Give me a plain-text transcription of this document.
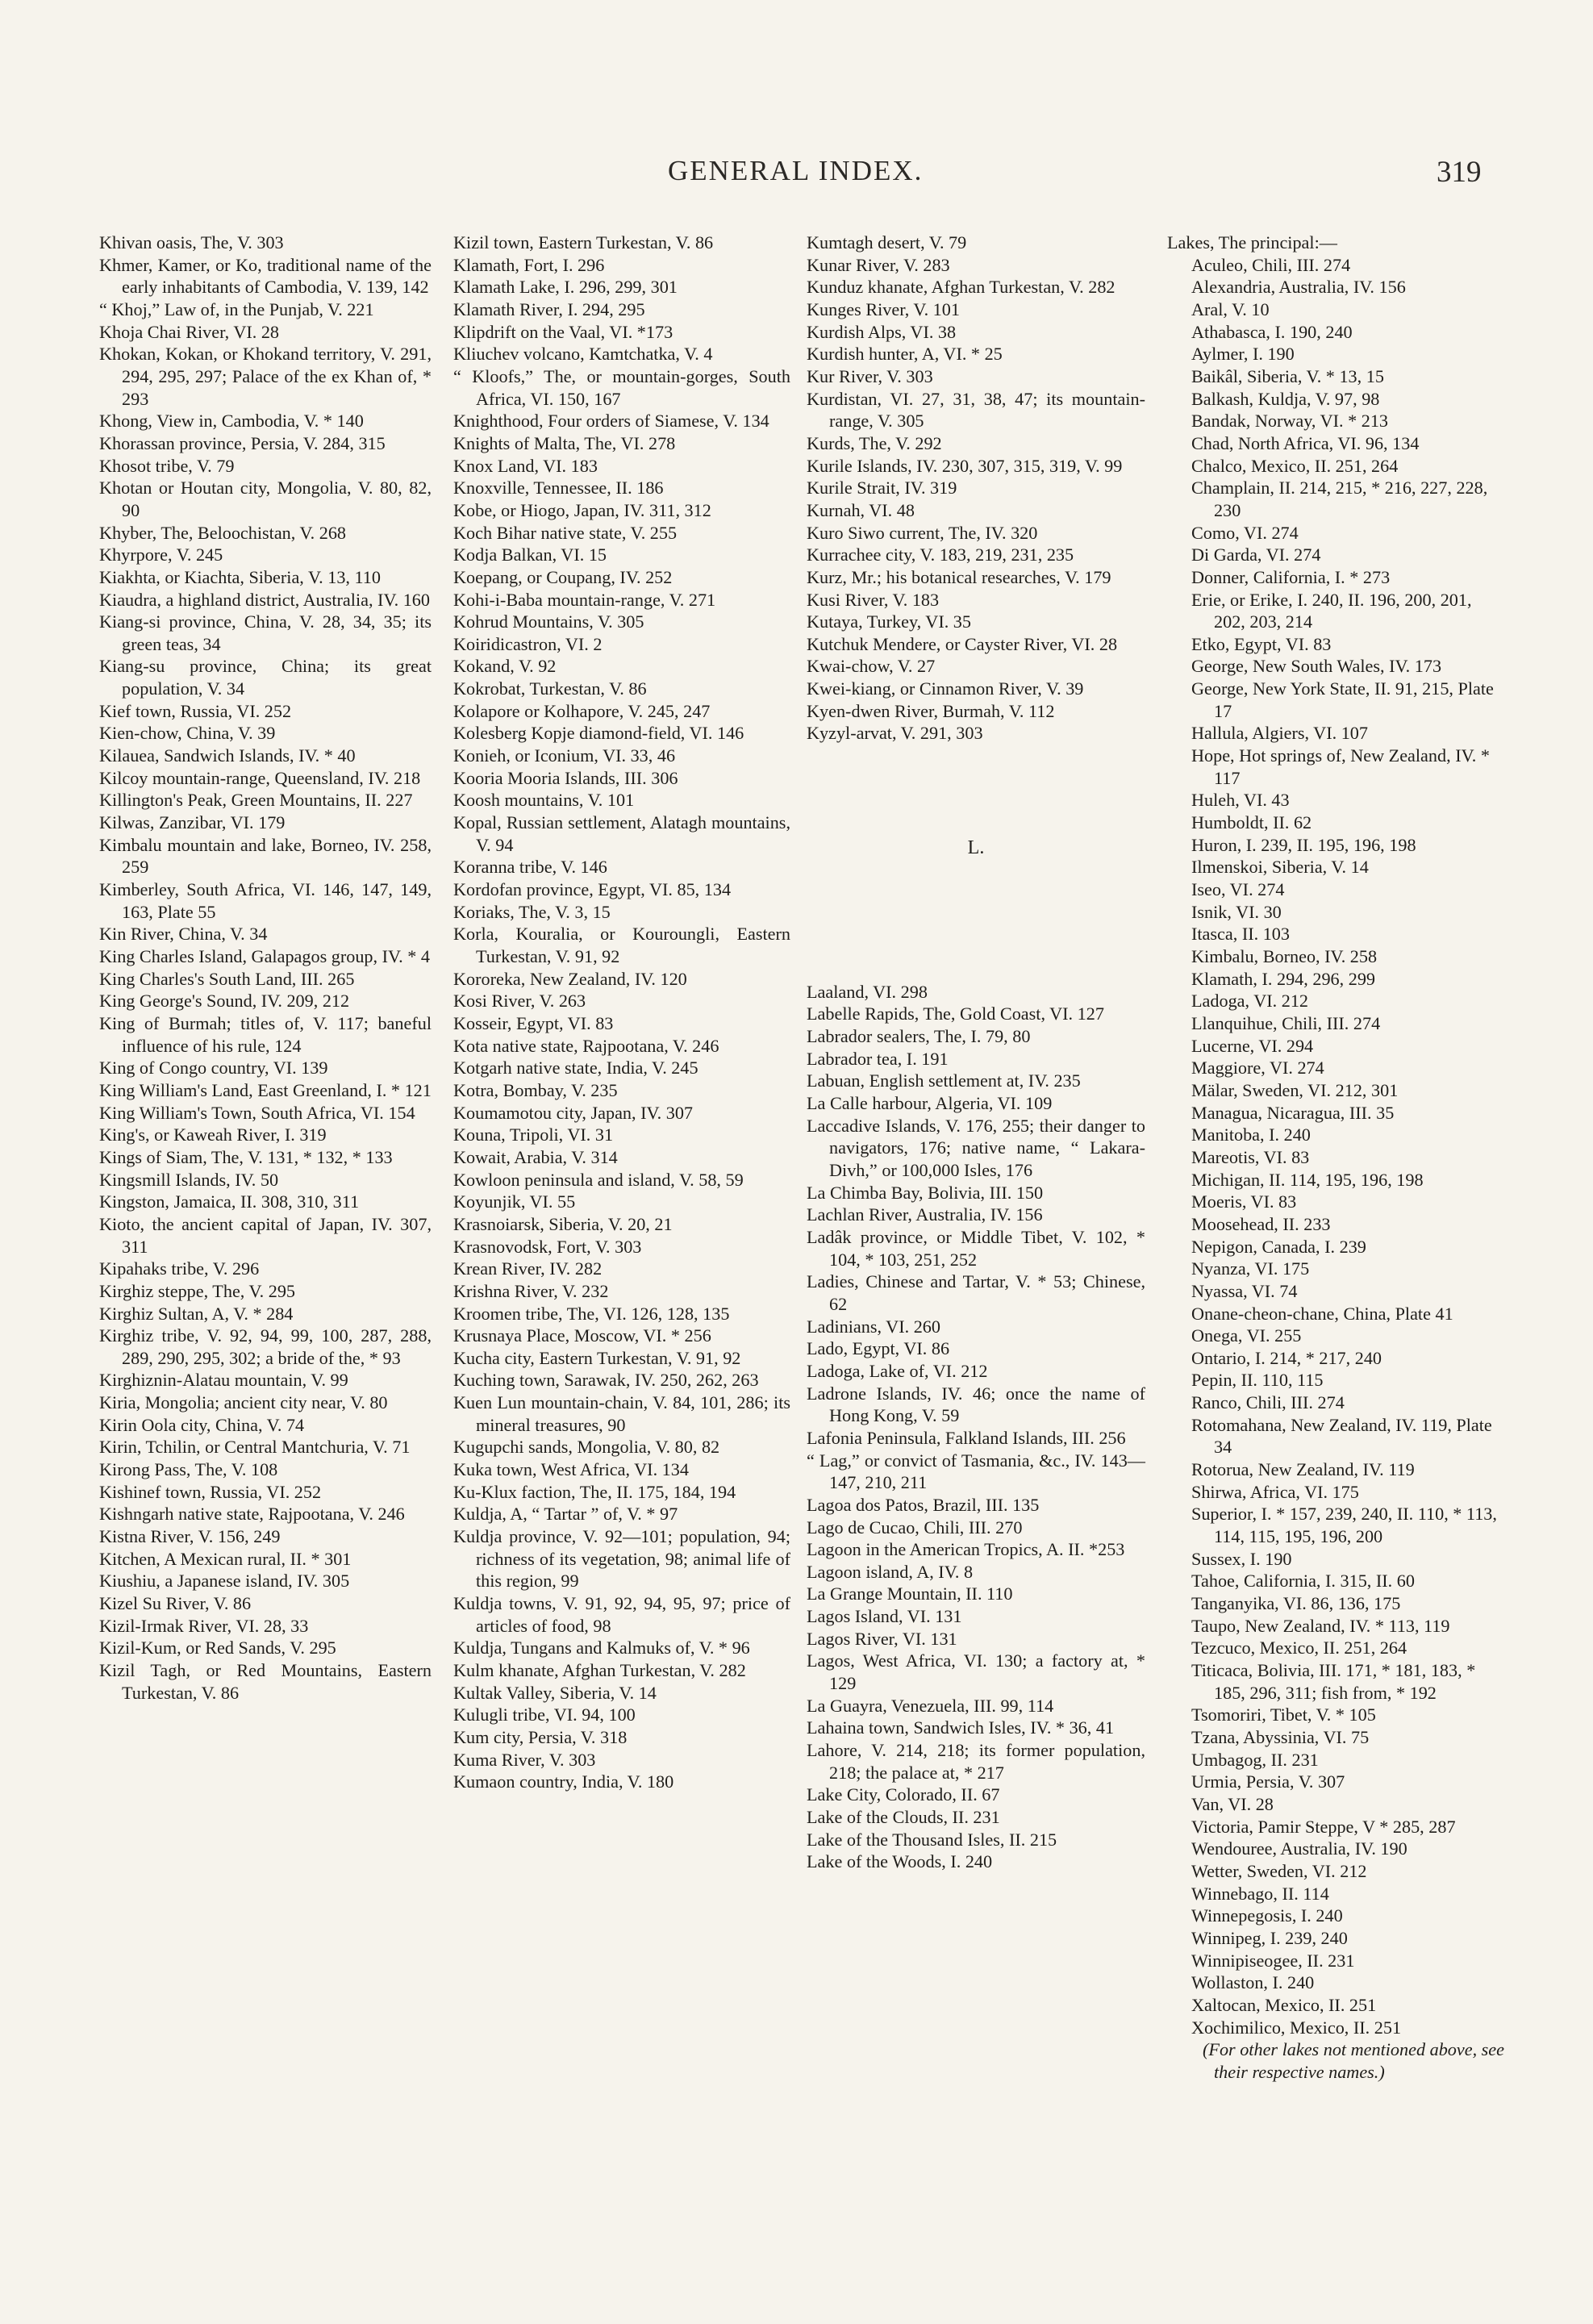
GENERAL INDEX.	319

Khivan oasis, The, V. 303

Khmer, Kamer, or Ko, traditional name of the early inhabitants of Cambodia, V. 139, 142

“ Khoj,” Law of, in the Punjab, V. 221

Khoja Chai River, VI. 28

Khokan, Kokan, or Khokand territory, V. 291, 294, 295, 297; Palace of the ex Khan of, * 293

Khong, View in, Cambodia, V. * 140

Khorassan province, Persia, V. 284, 315

Khosot tribe, V. 79

Khotan or Houtan city, Mongolia, V. 80, 82, 90

Khyber, The, Beloochistan, V. 268

Khyrpore, V. 245

Kiakhta, or Kiachta, Siberia, V. 13, 110

Kiaudra, a highland district, Australia, IV. 160

Kiang-si province, China, V. 28, 34, 35; its green teas, 34

Kiang-su province, China; its great population, V. 34

Kief town, Russia, VI. 252

Kien-chow, China, V. 39

Kilauea, Sandwich Islands, IV. * 40

Kilcoy mountain-range, Queensland, IV. 218

Killington's Peak, Green Mountains, II. 227

Kilwas, Zanzibar, VI. 179

Kimbalu mountain and lake, Borneo, IV. 258, 259

Kimberley, South Africa, VI. 146, 147, 149, 163, Plate 55

Kin River, China, V. 34

King Charles Island, Galapagos group, IV. * 4

King Charles's South Land, III. 265

King George's Sound, IV. 209, 212

King of Burmah; titles of, V. 117; baneful influence of his rule, 124

King of Congo country, VI. 139

King William's Land, East Greenland, I. * 121

King William's Town, South Africa, VI. 154

King's, or Kaweah River, I. 319

Kings of Siam, The, V. 131, * 132, * 133

Kingsmill Islands, IV. 50

Kingston, Jamaica, II. 308, 310, 311

Kioto, the ancient capital of Japan, IV. 307, 311

Kipahaks tribe, V. 296

Kirghiz steppe, The, V. 295

Kirghiz Sultan, A, V. * 284

Kirghiz tribe, V. 92, 94, 99, 100, 287, 288, 289, 290, 295, 302; a bride of the, * 93

Kirghiznin-Alatau mountain, V. 99

Kiria, Mongolia; ancient city near, V. 80

Kirin Oola city, China, V. 74

Kirin, Tchilin, or Central Mantchuria, V. 71

Kirong Pass, The, V. 108

Kishinef town, Russia, VI. 252

Kishngarh native state, Rajpootana, V. 246

Kistna River, V. 156, 249

Kitchen, A Mexican rural, II. * 301

Kiushiu, a Japanese island, IV. 305

Kizel Su River, V. 86

Kizil-Irmak River, VI. 28, 33

Kizil-Kum, or Red Sands, V. 295

Kizil Tagh, or Red Mountains, Eastern Turkestan, V. 86

Kizil town, Eastern Turkestan, V. 86

Klamath, Fort, I. 296

Klamath Lake, I. 296, 299, 301

Klamath River, I. 294, 295

Klipdrift on the Vaal, VI. *173

Kliuchev volcano, Kamtchatka, V. 4

“ Kloofs,” The, or mountain-gorges, South Africa, VI. 150, 167

Knighthood, Four orders of Siamese, V. 134

Knights of Malta, The, VI. 278

Knox Land, VI. 183

Knoxville, Tennessee, II. 186

Kobe, or Hiogo, Japan, IV. 311, 312

Koch Bihar native state, V. 255

Kodja Balkan, VI. 15

Koepang, or Coupang, IV. 252

Kohi-i-Baba mountain-range, V. 271

Kohrud Mountains, V. 305

Koiridicastron, VI. 2

Kokand, V. 92

Kokrobat, Turkestan, V. 86

Kolapore or Kolhapore, V. 245, 247

Kolesberg Kopje diamond-field, VI. 146

Konieh, or Iconium, VI. 33, 46

Kooria Mooria Islands, III. 306

Koosh mountains, V. 101

Kopal, Russian settlement, Alatagh mountains, V. 94

Koranna tribe, V. 146

Kordofan province, Egypt, VI. 85, 134

Koriaks, The, V. 3, 15

Korla, Kouralia, or Kouroungli, Eastern Turkestan, V. 91, 92

Kororeka, New Zealand, IV. 120

Kosi River, V. 263

Kosseir, Egypt, VI. 83

Kota native state, Rajpootana, V. 246

Kotgarh native state, India, V. 245

Kotra, Bombay, V. 235

Koumamotou city, Japan, IV. 307

Kouna, Tripoli, VI. 31

Kowait, Arabia, V. 314

Kowloon peninsula and island, V. 58, 59

Koyunjik, VI. 55

Krasnoiarsk, Siberia, V. 20, 21

Krasnovodsk, Fort, V. 303

Krean River, IV. 282

Krishna River, V. 232

Kroomen tribe, The, VI. 126, 128, 135

Krusnaya Place, Moscow, VI. * 256

Kucha city, Eastern Turkestan, V. 91, 92

Kuching town, Sarawak, IV. 250, 262, 263

Kuen Lun mountain-chain, V. 84, 101, 286; its mineral treasures, 90

Kugupchi sands, Mongolia, V. 80, 82

Kuka town, West Africa, VI. 134

Ku-Klux faction, The, II. 175, 184, 194

Kuldja, A, “ Tartar ” of, V. * 97

Kuldja province, V. 92—101; population, 94; richness of its vegetation, 98; animal life of this region, 99

Kuldja towns, V. 91, 92, 94, 95, 97; price of articles of food, 98

Kuldja, Tungans and Kalmuks of, V. * 96

Kulm khanate, Afghan Turkestan, V. 282

Kultak Valley, Siberia, V. 14

Kulugli tribe, VI. 94, 100

Kum city, Persia, V. 318

Kuma River, V. 303

Kumaon country, India, V. 180

Kumtagh desert, V. 79

Kunar River, V. 283

Kunduz khanate, Afghan Turkestan, V. 282

Kunges River, V. 101

Kurdish Alps, VI. 38

Kurdish hunter, A, VI. * 25

Kur River, V. 303

Kurdistan, VI. 27, 31, 38, 47; its mountain-range, V. 305

Kurds, The, V. 292

Kurile Islands, IV. 230, 307, 315, 319, V. 99

Kurile Strait, IV. 319

Kurnah, VI. 48

Kuro Siwo current, The, IV. 320

Kurrachee city, V. 183, 219, 231, 235

Kurz, Mr.; his botanical researches, V. 179

Kusi River, V. 183

Kutaya, Turkey, VI. 35

Kutchuk Mendere, or Cayster River, VI. 28

Kwai-chow, V. 27

Kwei-kiang, or Cinnamon River, V. 39

Kyen-dwen River, Burmah, V. 112

Kyzyl-arvat, V. 291, 303

L.

Laaland, VI. 298

Labelle Rapids, The, Gold Coast, VI. 127

Labrador sealers, The, I. 79, 80

Labrador tea, I. 191

Labuan, English settlement at, IV. 235

La Calle harbour, Algeria, VI. 109

Laccadive Islands, V. 176, 255; their danger to navigators, 176; native name, “ Lakara-Divh,” or 100,000 Isles, 176

La Chimba Bay, Bolivia, III. 150

Lachlan River, Australia, IV. 156

Ladâk province, or Middle Tibet, V. 102, * 104, * 103, 251, 252

Ladies, Chinese and Tartar, V. * 53; Chinese, 62

Ladinians, VI. 260

Lado, Egypt, VI. 86

Ladoga, Lake of, VI. 212

Ladrone Islands, IV. 46; once the name of Hong Kong, V. 59

Lafonia Peninsula, Falkland Islands, III. 256

“ Lag,” or convict of Tasmania, &c., IV. 143—147, 210, 211

Lagoa dos Patos, Brazil, III. 135

Lago de Cucao, Chili, III. 270

Lagoon in the American Tropics, A. II. *253

Lagoon island, A, IV. 8

La Grange Mountain, II. 110

Lagos Island, VI. 131

Lagos River, VI. 131

Lagos, West Africa, VI. 130; a factory at, * 129

La Guayra, Venezuela, III. 99, 114

Lahaina town, Sandwich Isles, IV. * 36, 41

Lahore, V. 214, 218; its former population, 218; the palace at, * 217

Lake City, Colorado, II. 67

Lake of the Clouds, II. 231

Lake of the Thousand Isles, II. 215

Lake of the Woods, I. 240

Lakes, The principal:—

Aculeo, Chili, III. 274

Alexandria, Australia, IV. 156

Aral, V. 10

Athabasca, I. 190, 240

Aylmer, I. 190

Baikâl, Siberia, V. * 13, 15

Balkash, Kuldja, V. 97, 98

Bandak, Norway, VI. * 213

Chad, North Africa, VI. 96, 134

Chalco, Mexico, II. 251, 264

Champlain, II. 214, 215, * 216, 227, 228, 230

Como, VI. 274

Di Garda, VI. 274

Donner, California, I. * 273

Erie, or Erike, I. 240, II. 196, 200, 201, 202, 203, 214

Etko, Egypt, VI. 83

George, New South Wales, IV. 173

George, New York State, II. 91, 215, Plate 17

Hallula, Algiers, VI. 107

Hope, Hot springs of, New Zealand, IV. * 117

Huleh, VI. 43

Humboldt, II. 62

Huron, I. 239, II. 195, 196, 198

Ilmenskoi, Siberia, V. 14

Iseo, VI. 274

Isnik, VI. 30

Itasca, II. 103

Kimbalu, Borneo, IV. 258

Klamath, I. 294, 296, 299

Ladoga, VI. 212

Llanquihue, Chili, III. 274

Lucerne, VI. 294

Maggiore, VI. 274

Mälar, Sweden, VI. 212, 301

Managua, Nicaragua, III. 35

Manitoba, I. 240

Mareotis, VI. 83

Michigan, II. 114, 195, 196, 198

Moeris, VI. 83

Moosehead, II. 233

Nepigon, Canada, I. 239

Nyanza, VI. 175

Nyassa, VI. 74

Onane-cheon-chane, China, Plate 41

Onega, VI. 255

Ontario, I. 214, * 217, 240

Pepin, II. 110, 115

Ranco, Chili, III. 274

Rotomahana, New Zealand, IV. 119, Plate 34

Rotorua, New Zealand, IV. 119

Shirwa, Africa, VI. 175

Superior, I. * 157, 239, 240, II. 110, * 113, 114, 115, 195, 196, 200

Sussex, I. 190

Tahoe, California, I. 315, II. 60

Tanganyika, VI. 86, 136, 175

Taupo, New Zealand, IV. * 113, 119

Tezcuco, Mexico, II. 251, 264

Titicaca, Bolivia, III. 171, * 181, 183, * 185, 296, 311; fish from, * 192

Tsomoriri, Tibet, V. * 105

Tzana, Abyssinia, VI. 75

Umbagog, II. 231

Urmia, Persia, V. 307

Van, VI. 28

Victoria, Pamir Steppe, V * 285, 287

Wendouree, Australia, IV. 190

Wetter, Sweden, VI. 212

Winnebago, II. 114

Winnepegosis, I. 240

Winnipeg, I. 239, 240

Winnipiseogee, II. 231

Wollaston, I. 240

Xaltocan, Mexico, II. 251

Xochimilico, Mexico, II. 251

(For other lakes not mentioned above, see their respective names.)
